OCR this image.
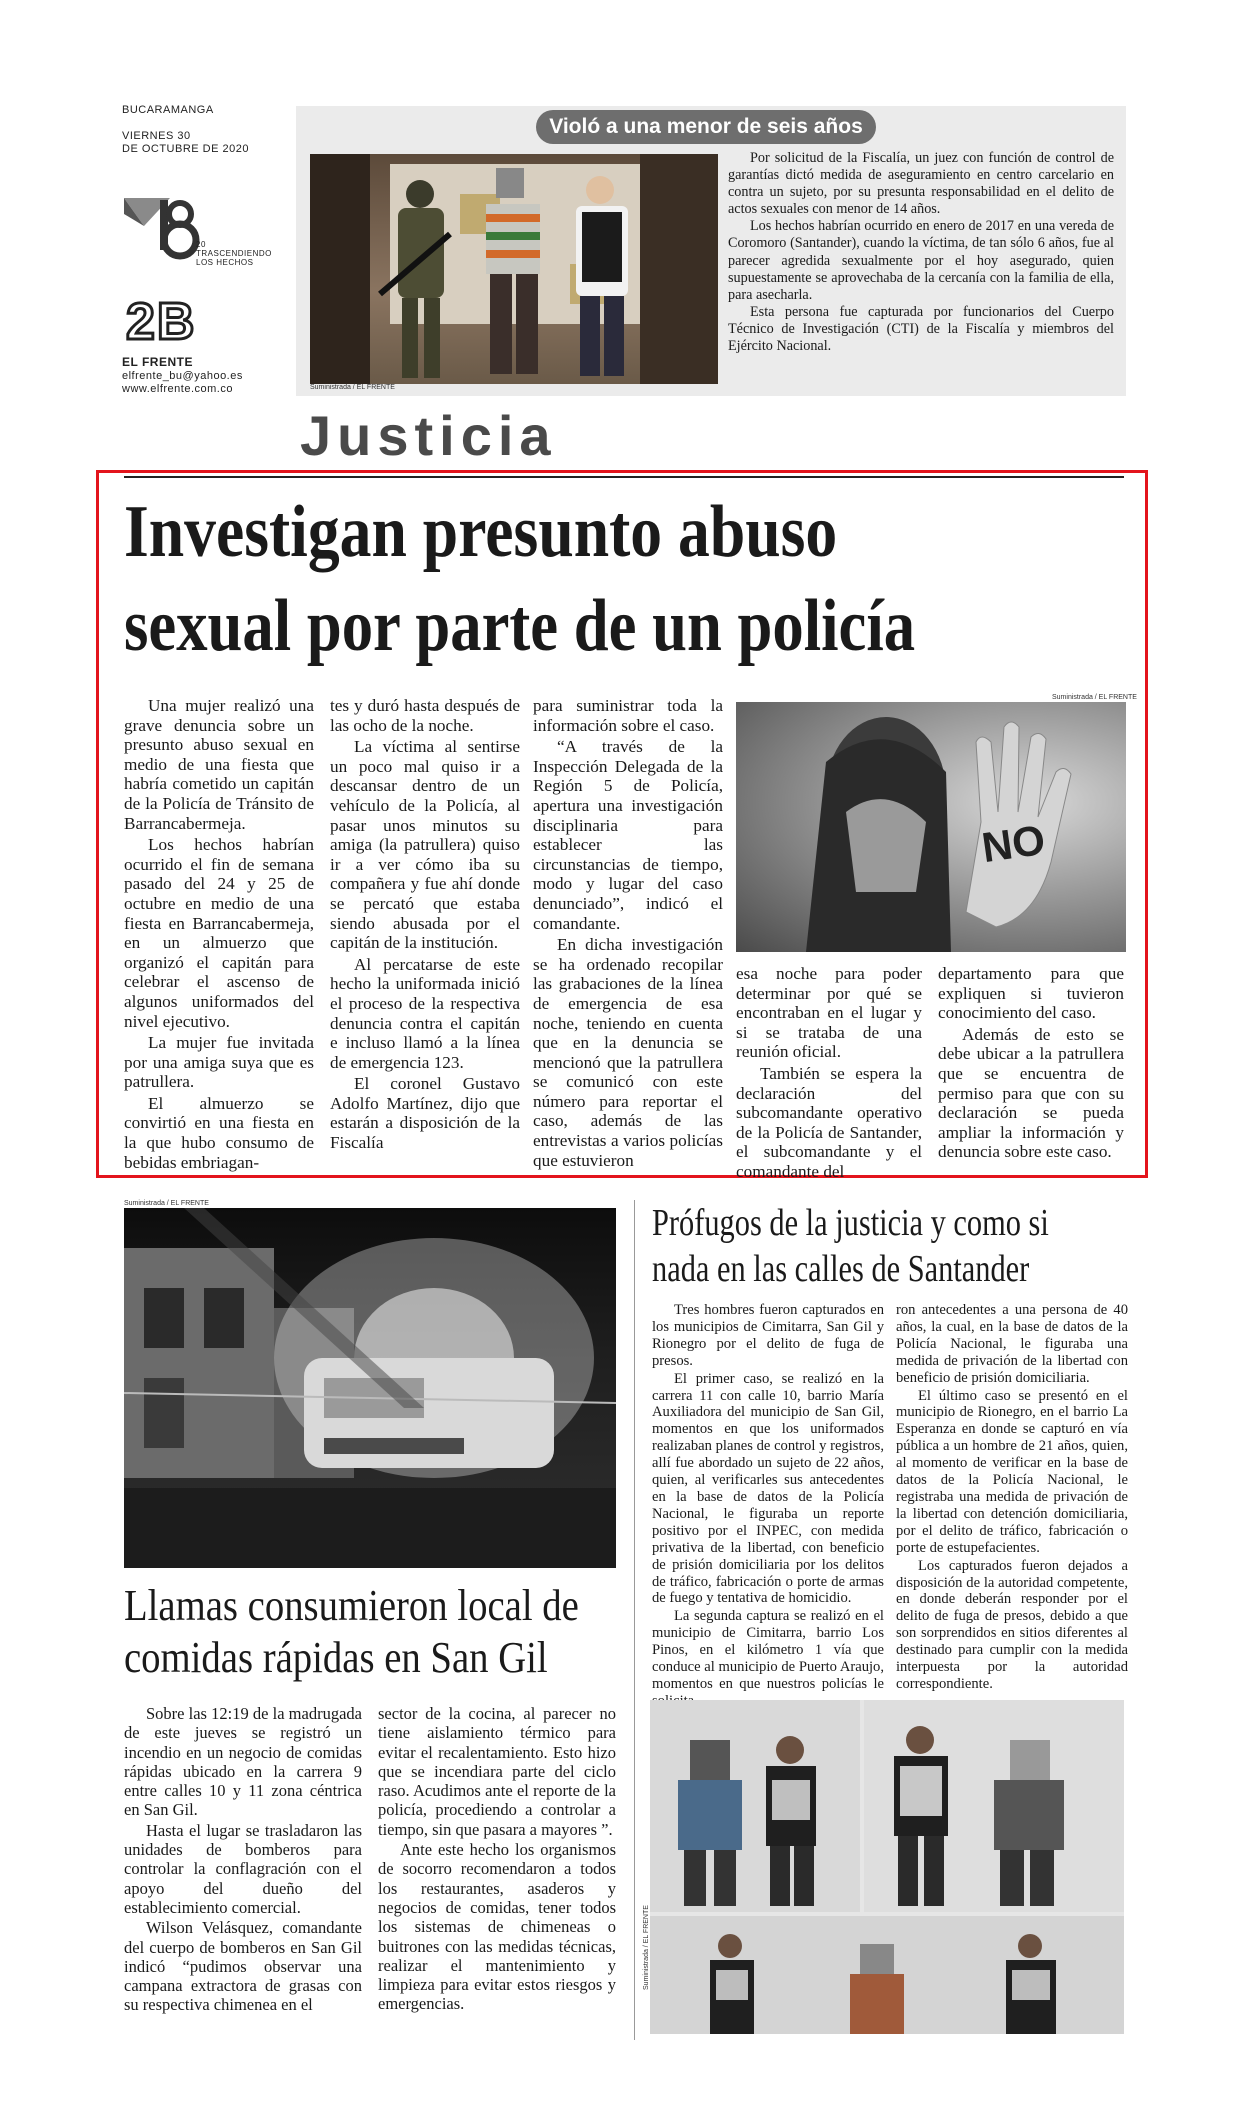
BUCARAMANGA
VIERNES 30
DE OCTUBRE DE 2020
20
TRASCENDIENDO
LOS HECHOS
2B
EL FRENTE
elfrente_bu@yahoo.es
www.elfrente.com.co
Violó a una menor de seis años
Suministrada / EL FRENTE

Por solicitud de la Fiscalía, un juez con función de control de garantías dictó medida de aseguramiento en centro carcelario en contra un sujeto, por su presunta responsabilidad en el delito de actos sexuales con menor de 14 años.

Los hechos habrían ocurrido en enero de 2017 en una vereda de Coromoro (Santander), cuando la víctima, de tan sólo 6 años, fue al parecer agredida sexualmente por el hoy asegurado, quien supuestamente se aprovechaba de la cercanía con la familia de ella, para asecharla.

Esta persona fue capturada por funcionarios del Cuerpo Técnico de Investigación (CTI) de la Fiscalía y miembros del Ejército Nacional.

Justicia
Investigan presunto abuso
sexual por parte de un policía

Una mujer realizó una grave denuncia sobre un presunto abuso sexual en medio de una fiesta que habría cometido un capitán de la Policía de Tránsito de Barrancabermeja.

Los hechos habrían ocurrido el fin de semana pasado del 24 y 25 de octubre en medio de una fiesta en Barrancabermeja, en un almuerzo que organizó el capitán para celebrar el ascenso de algunos uniformados del nivel ejecutivo.

La mujer fue invitada por una amiga suya que es patrullera.

El almuerzo se convirtió en una fiesta en la que hubo consumo de bebidas embriagan-

tes y duró hasta después de las ocho de la noche.

La víctima al sentirse un poco mal quiso ir a descansar dentro de un vehículo de la Policía, al pasar unos minutos su amiga (la patrullera) quiso ir a ver cómo iba su compañera y fue ahí donde se percató que estaba siendo abusada por el capitán de la institución.

Al percatarse de este hecho la uniformada inició el proceso de la respectiva denuncia contra el capitán e incluso llamó a la línea de emergencia 123.

El coronel Gustavo Adolfo Martínez, dijo que estarán a disposición de la Fiscalía

para suministrar toda la información sobre el caso.

“A través de la Inspección Delegada de la Región 5 de Policía, apertura una investigación disciplinaria para establecer las circunstancias de tiempo, modo y lugar del caso denunciado”, indicó el comandante.

En dicha investigación se ha ordenado recopilar las grabaciones de la línea de emergencia de esa noche, teniendo en cuenta que en la denuncia se mencionó que la patrullera se comunicó con este número para reportar el caso, además de las entrevistas a varios policías que estuvieron

Suministrada / EL FRENTE
NO

esa noche para poder determinar por qué se encontraban en el lugar y si se trataba de una reunión oficial.

También se espera la declaración del subcomandante operativo de la Policía de Santander, el subcomandante y el comandante del

departamento para que expliquen si tuvieron conocimiento del caso.

Además de esto se debe ubicar a la patrullera que se encuentra de permiso para que con su declaración se pueda ampliar la información y denuncia sobre este caso.

Suministrada / EL FRENTE
Llamas consumieron local de
comidas rápidas en San Gil

Sobre las 12:19 de la madrugada de este jueves se registró un incendio en un negocio de comidas rápidas ubicado en la carrera 9 entre calles 10 y 11 zona céntrica en San Gil.

Hasta el lugar se trasladaron las unidades de bomberos para controlar la conflagración con el apoyo del dueño del establecimiento comercial.

Wilson Velásquez, comandante del cuerpo de bomberos en San Gil indicó “pudimos observar una campana extractora de grasas con su respectiva chimenea en el

sector de la cocina, al parecer no tiene aislamiento térmico para evitar el recalentamiento. Esto hizo que se incendiara parte del ciclo raso. Acudimos ante el reporte de la policía, procediendo a controlar a tiempo, sin que pasara a mayores ”.

Ante este hecho los organismos de socorro recomendaron a todos los restaurantes, asaderos y negocios de comidas, tener todos los sistemas de chimeneas o buitrones con las medidas técnicas, realizar el mantenimiento y limpieza para evitar estos riesgos y emergencias.

Prófugos de la justicia y como si
nada en las calles de Santander

Tres hombres fueron capturados en los municipios de Cimitarra, San Gil y Rionegro por el delito de fuga de presos.

El primer caso, se realizó en la carrera 11 con calle 10, barrio María Auxiliadora del municipio de San Gil, momentos en que los uniformados realizaban planes de control y registros, allí fue abordado un sujeto de 22 años, quien, al verificarles sus antecedentes en la base de datos de la Policía Nacional, le figuraba un reporte positivo por el INPEC, con medida privativa de la libertad, con beneficio de prisión domiciliaria por los delitos de tráfico, fabricación o porte de armas de fuego y tentativa de homicidio.

La segunda captura se realizó en el municipio de Cimitarra, barrio Los Pinos, en el kilómetro 1 vía que conduce al municipio de Puerto Araujo, momentos en que nuestros policías le

ron antecedentes a una persona de 40 años, la cual, en la base de datos de la Policía Nacional, le figuraba una medida de privación de la libertad con beneficio de prisión domiciliaria.

El último caso se presentó en el municipio de Rionegro, en el barrio La Esperanza en donde se capturó en vía pública a un hombre de 21 años, quien, al momento de verificar en la base de datos de la Policía Nacional, le registraba una medida de privación de la libertad con detención domiciliaria, por el delito de tráfico, fabricación o porte de estupefacientes.

Los capturados fueron dejados a disposición de la autoridad competente, en donde deberán responder por el delito de fuga de presos, debido a que son sorprendidos en sitios diferentes al destinado para cumplir con la medida interpuesta por la autoridad correspondiente.

Suministrada / EL FRENTE
